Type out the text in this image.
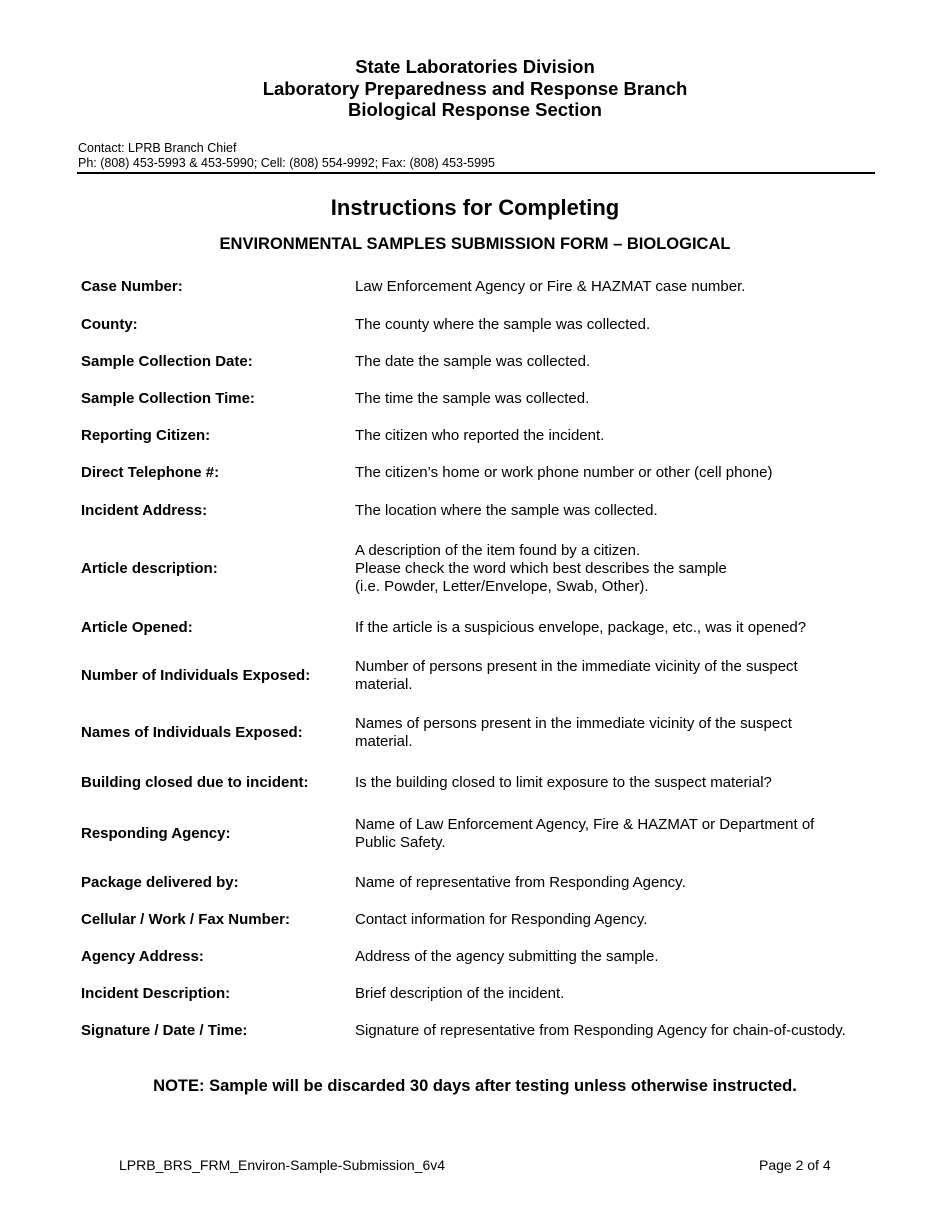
State Laboratories Division
Laboratory Preparedness and Response Branch
Biological Response Section
Contact: LPRB Branch Chief
Ph: (808) 453-5993 & 453-5990; Cell: (808) 554-9992; Fax: (808) 453-5995
Instructions for Completing
ENVIRONMENTAL SAMPLES SUBMISSION FORM – BIOLOGICAL
Case Number:	Law Enforcement Agency or Fire & HAZMAT case number.
County:	The county where the sample was collected.
Sample Collection Date:	The date the sample was collected.
Sample Collection Time:	The time the sample was collected.
Reporting Citizen:	The citizen who reported the incident.
Direct Telephone #:	The citizen’s home or work phone number or other (cell phone)
Incident Address:	The location where the sample was collected.
Article description:
A description of the item found by a citizen.
Please check the word which best describes the sample
(i.e. Powder, Letter/Envelope, Swab, Other).
Article Opened:	If the article is a suspicious envelope, package, etc., was it opened?
Number of Individuals Exposed:
Number of persons present in the immediate vicinity of the suspect
material.
Names of Individuals Exposed:
Names of persons present in the immediate vicinity of the suspect
material.
Building closed due to incident:	Is the building closed to limit exposure to the suspect material?
Responding Agency:
Name of Law Enforcement Agency, Fire & HAZMAT or Department of
Public Safety.
Package delivered by:	Name of representative from Responding Agency.
Cellular / Work / Fax Number:	Contact information for Responding Agency.
Agency Address:	Address of the agency submitting the sample.
Incident Description:	Brief description of the incident.
Signature / Date / Time:	Signature of representative from Responding Agency for chain-of-custody.
NOTE: Sample will be discarded 30 days after testing unless otherwise instructed.
LPRB_BRS_FRM_Environ-Sample-Submission_6v4	Page 2 of 4
